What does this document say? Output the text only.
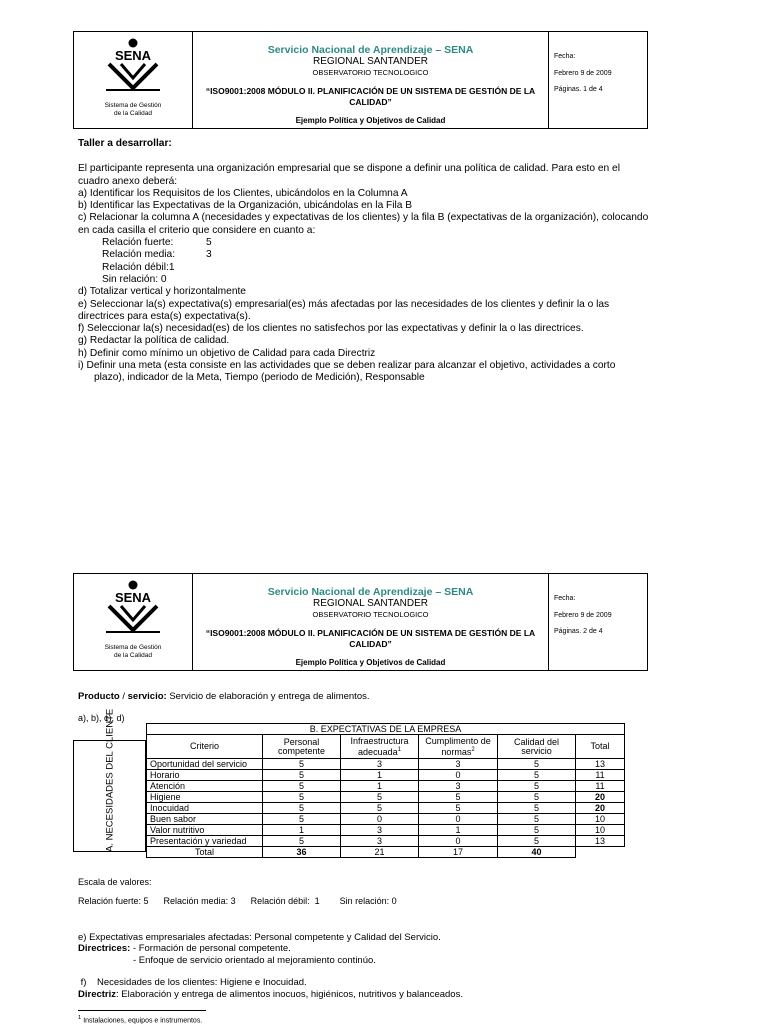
SENA
Sistema de Gestión
de la Calidad
Servicio Nacional de Aprendizaje – SENA
REGIONAL SANTANDER
OBSERVATORIO TECNOLOGICO
“ISO9001:2008 MÓDULO II. PLANIFICACIÓN DE UN SISTEMA DE GESTIÓN DE LA CALIDAD”
Ejemplo Política y Objetivos de Calidad
Fecha:
Febrero 9 de 2009
Páginas. 1 de 4
Taller a desarrollar:
El participante representa una organización empresarial que se dispone a definir una política de calidad. Para esto en el cuadro anexo deberá:
a) Identificar los Requisitos de los Clientes, ubicándolos en la Columna A
b) Identificar las Expectativas de la Organización, ubicándolas en la Fila B
c) Relacionar la columna A (necesidades y expectativas de los clientes) y la fila B (expectativas de la organización), colocando en cada casilla el criterio que considere en cuanto a:
Relación fuerte:	5
Relación media:	3
Relación débil:1
Sin relación: 0
d) Totalizar vertical y horizontalmente
e) Seleccionar la(s) expectativa(s) empresarial(es) más afectadas por las necesidades de los clientes y definir la o las directrices para esta(s) expectativa(s).
f) Seleccionar la(s) necesidad(es) de los clientes no satisfechos por las expectativas y definir la o las directrices.
g) Redactar la política de calidad.
h) Definir como mínimo un objetivo de Calidad para cada Directriz
i) Definir una meta (esta consiste en las actividades que se deben realizar para alcanzar el objetivo, actividades a corto
plazo), indicador de la Meta, Tiempo (periodo de Medición), Responsable
SENA
Sistema de Gestión
de la Calidad
Servicio Nacional de Aprendizaje – SENA
REGIONAL SANTANDER
OBSERVATORIO TECNOLOGICO
“ISO9001:2008 MÓDULO II. PLANIFICACIÓN DE UN SISTEMA DE GESTIÓN DE LA CALIDAD”
Ejemplo Política y Objetivos de Calidad
Fecha:
Febrero 9 de 2009
Páginas. 2 de 4
Producto / servicio: Servicio de elaboración y entrega de alimentos.
a), b), c), d)
A. NECESIDADES DEL CLIENTE	B. EXPECTATIVAS DE LA EMPRESA					
Criterio	Personal competente	Infraestructura adecuada$^1$	Cumplimento de normas$^2$	Calidad del servicio	Total
Oportunidad del servicio	5	3	3	5	13
Horario	5	1	0	5	11
Atención	5	1	3	5	11
Higiene	5	5	5	5	20
Inocuidad	5	5	5	5	20
Buen sabor	5	0	0	5	10
Valor nutritivo	1	3	1	5	10
Presentación y variedad	5	3	0	5	13
Total	36	21	17	40	
Escala de valores:
Relación fuerte: 5      Relación media: 3      Relación débil:  1        Sin relación: 0
e) Expectativas empresariales afectadas: Personal competente y Calidad del Servicio.
Directrices: - Formación de personal competente.
- Enfoque de servicio orientado al mejoramiento continúo.
f)    Necesidades de los clientes: Higiene e Inocuidad.
Directriz: Elaboración y entrega de alimentos inocuos, higiénicos, nutritivos y balanceados.
$^1$ Instalaciones, equipos e instrumentos.
